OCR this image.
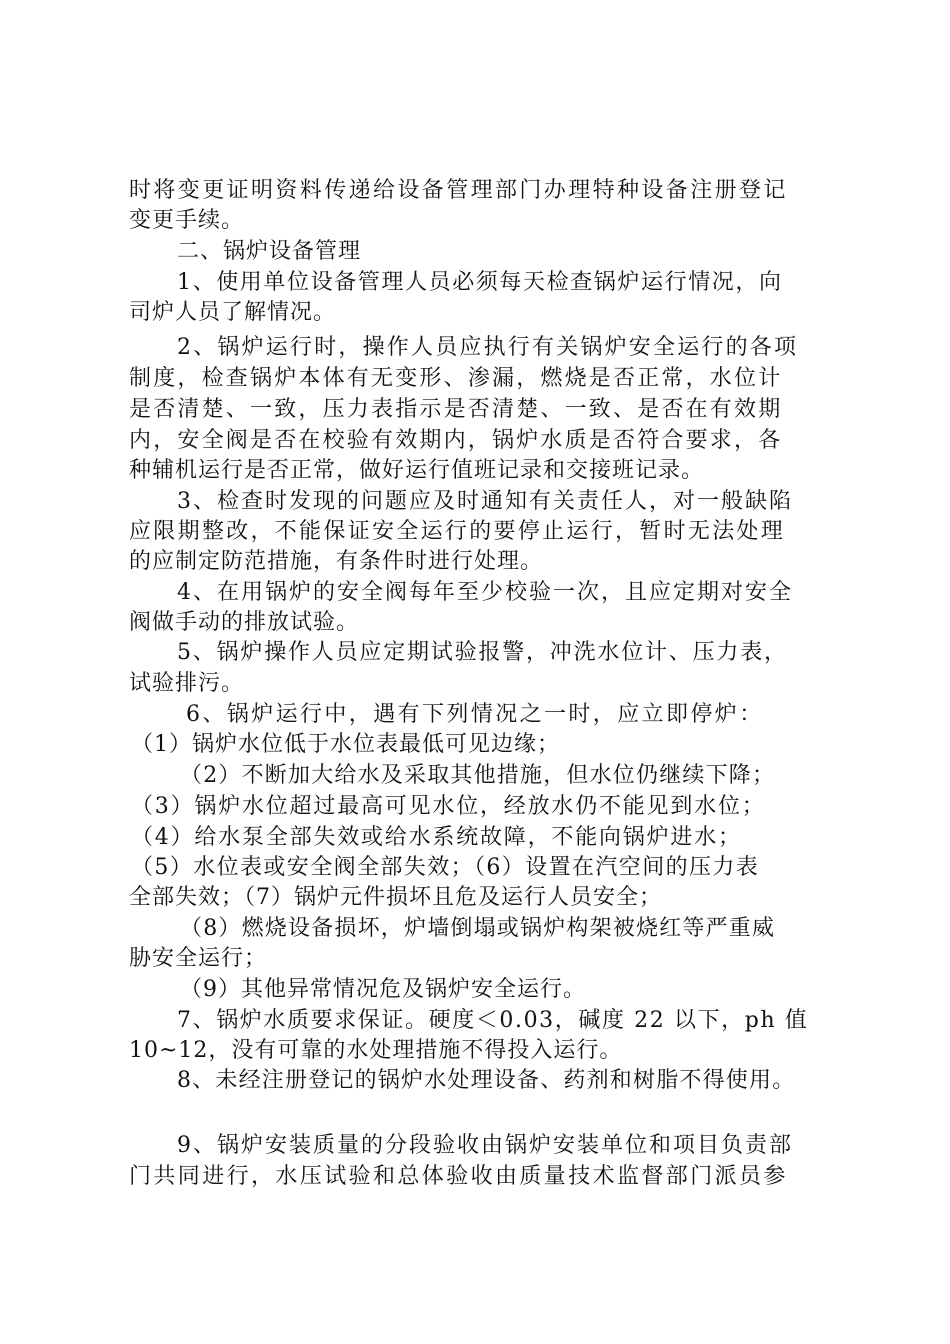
时将变更证明资料传递给设备管理部门办理特种设备注册登记
变更手续。
二、锅炉设备管理
1、使用单位设备管理人员必须每天检查锅炉运行情况，向
司炉人员了解情况。
2、锅炉运行时，操作人员应执行有关锅炉安全运行的各项
制度，检查锅炉本体有无变形、渗漏，燃烧是否正常，水位计
是否清楚、一致，压力表指示是否清楚、一致、是否在有效期
内，安全阀是否在校验有效期内，锅炉水质是否符合要求，各
种辅机运行是否正常，做好运行值班记录和交接班记录。
3、检查时发现的问题应及时通知有关责任人，对一般缺陷
应限期整改，不能保证安全运行的要停止运行，暂时无法处理
的应制定防范措施，有条件时进行处理。
4、在用锅炉的安全阀每年至少校验一次，且应定期对安全
阀做手动的排放试验。
5、锅炉操作人员应定期试验报警，冲洗水位计、压力表，
试验排污。
6、锅炉运行中，遇有下列情况之一时，应立即停炉：
（1）锅炉水位低于水位表最低可见边缘；
（2）不断加大给水及采取其他措施，但水位仍继续下降；
（3）锅炉水位超过最高可见水位，经放水仍不能见到水位；
（4）给水泵全部失效或给水系统故障，不能向锅炉进水；
（5）水位表或安全阀全部失效；（6）设置在汽空间的压力表
全部失效；（7）锅炉元件损坏且危及运行人员安全；
（8）燃烧设备损坏，炉墙倒塌或锅炉构架被烧红等严重威
胁安全运行；
（9）其他异常情况危及锅炉安全运行。
7、锅炉水质要求保证。硬度＜0.03，碱度 22 以下，ph 值
10~12，没有可靠的水处理措施不得投入运行。
8、未经注册登记的锅炉水处理设备、药剂和树脂不得使用。
9、锅炉安装质量的分段验收由锅炉安装单位和项目负责部
门共同进行，水压试验和总体验收由质量技术监督部门派员参
